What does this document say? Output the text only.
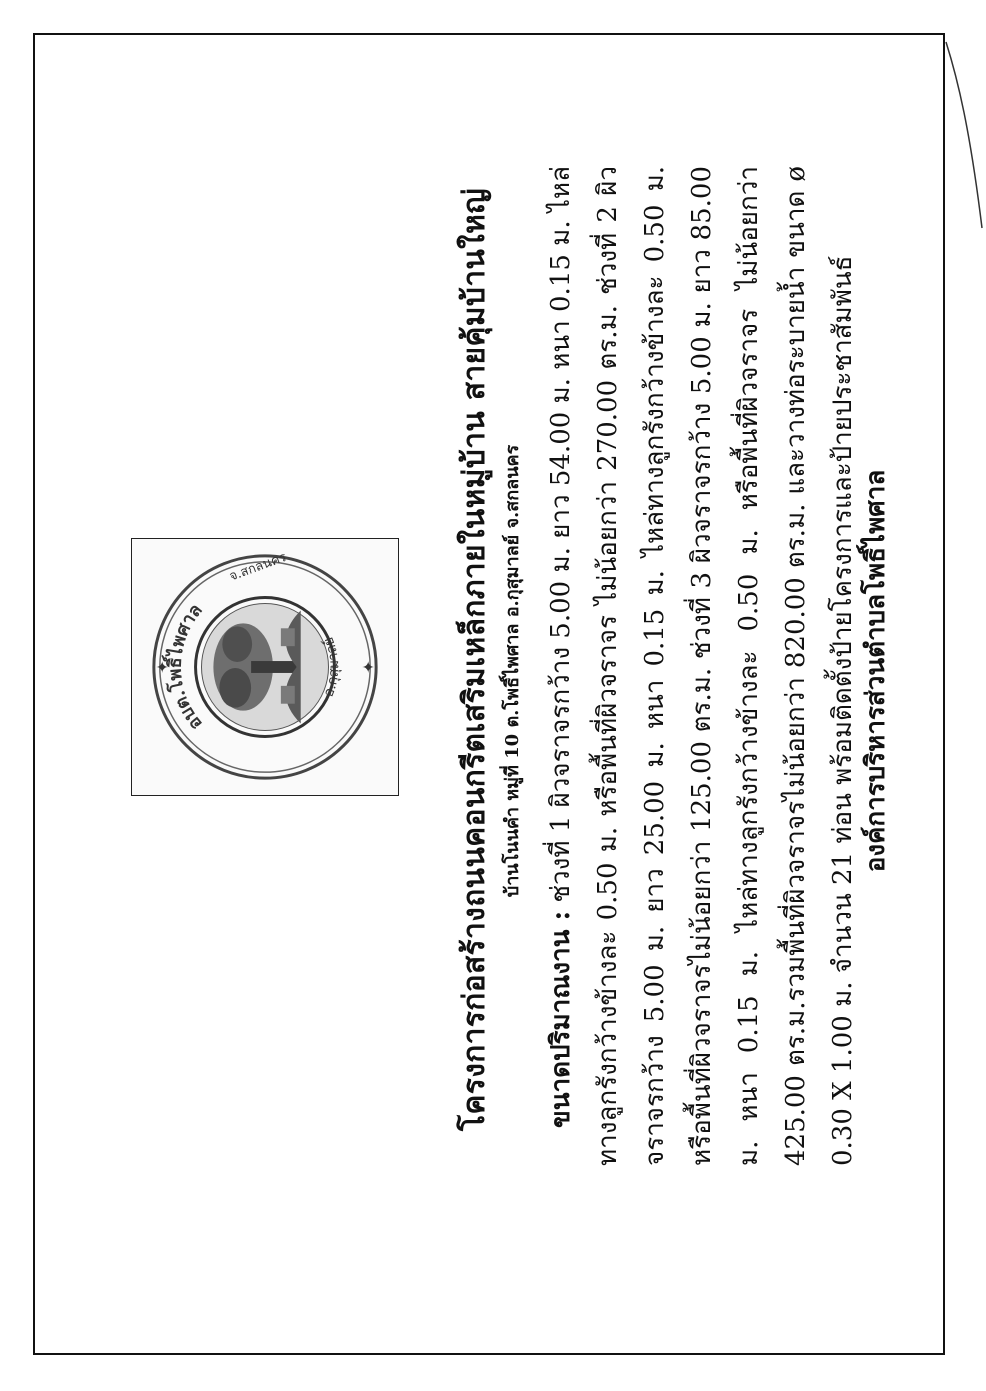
อบต.โพธิ์ไพศาล
อ.กุสุมาลย์
จ.สกลนคร
✦	✦	โครงการก่อสร้างถนนคอนกรีตเสริมเหล็กภายในหมู่บ้าน สายคุ้มบ้านใหญ่ บ้านโนนคำ หมู่ที่ 10 ต.โพธิ์ไพศาล อ.กุสุมาลย์ จ.สกลนคร
ขนาดปริมาณงาน : ช่วงที่ 1 ผิวจราจรกว้าง 5.00 ม. ยาว 54.00 ม. หนา 0.15 ม. ไหล่ทางลูกรังกว้างข้างละ 0.50 ม. หรือพื้นที่ผิวจราจร ไม่น้อยกว่า 270.00 ตร.ม. ช่วงที่ 2 ผิวจราจรกว้าง 5.00 ม. ยาว 25.00 ม. หนา 0.15 ม. ไหล่ทางลูกรังกว้างข้างละ 0.50 ม. หรือพื้นที่ผิวจราจรไม่น้อยกว่า 125.00 ตร.ม. ช่วงที่ 3 ผิวจราจรกว้าง 5.00 ม. ยาว 85.00 ม. หนา 0.15 ม. ไหล่ทางลูกรังกว้างข้างละ 0.50 ม. หรือพื้นที่ผิวจราจร ไม่น้อยกว่า 425.00 ตร.ม.รวมพื้นที่ผิวจราจรไม่น้อยกว่า 820.00 ตร.ม. และวางท่อระบายน้ำ ขนาด ø 0.30 X 1.00 ม. จำนวน 21 ท่อน พร้อมติดตั้งป้ายโครงการและป้ายประชาสัมพันธ์ องค์การบริหารส่วนตำบลโพธิ์ไพศาล
